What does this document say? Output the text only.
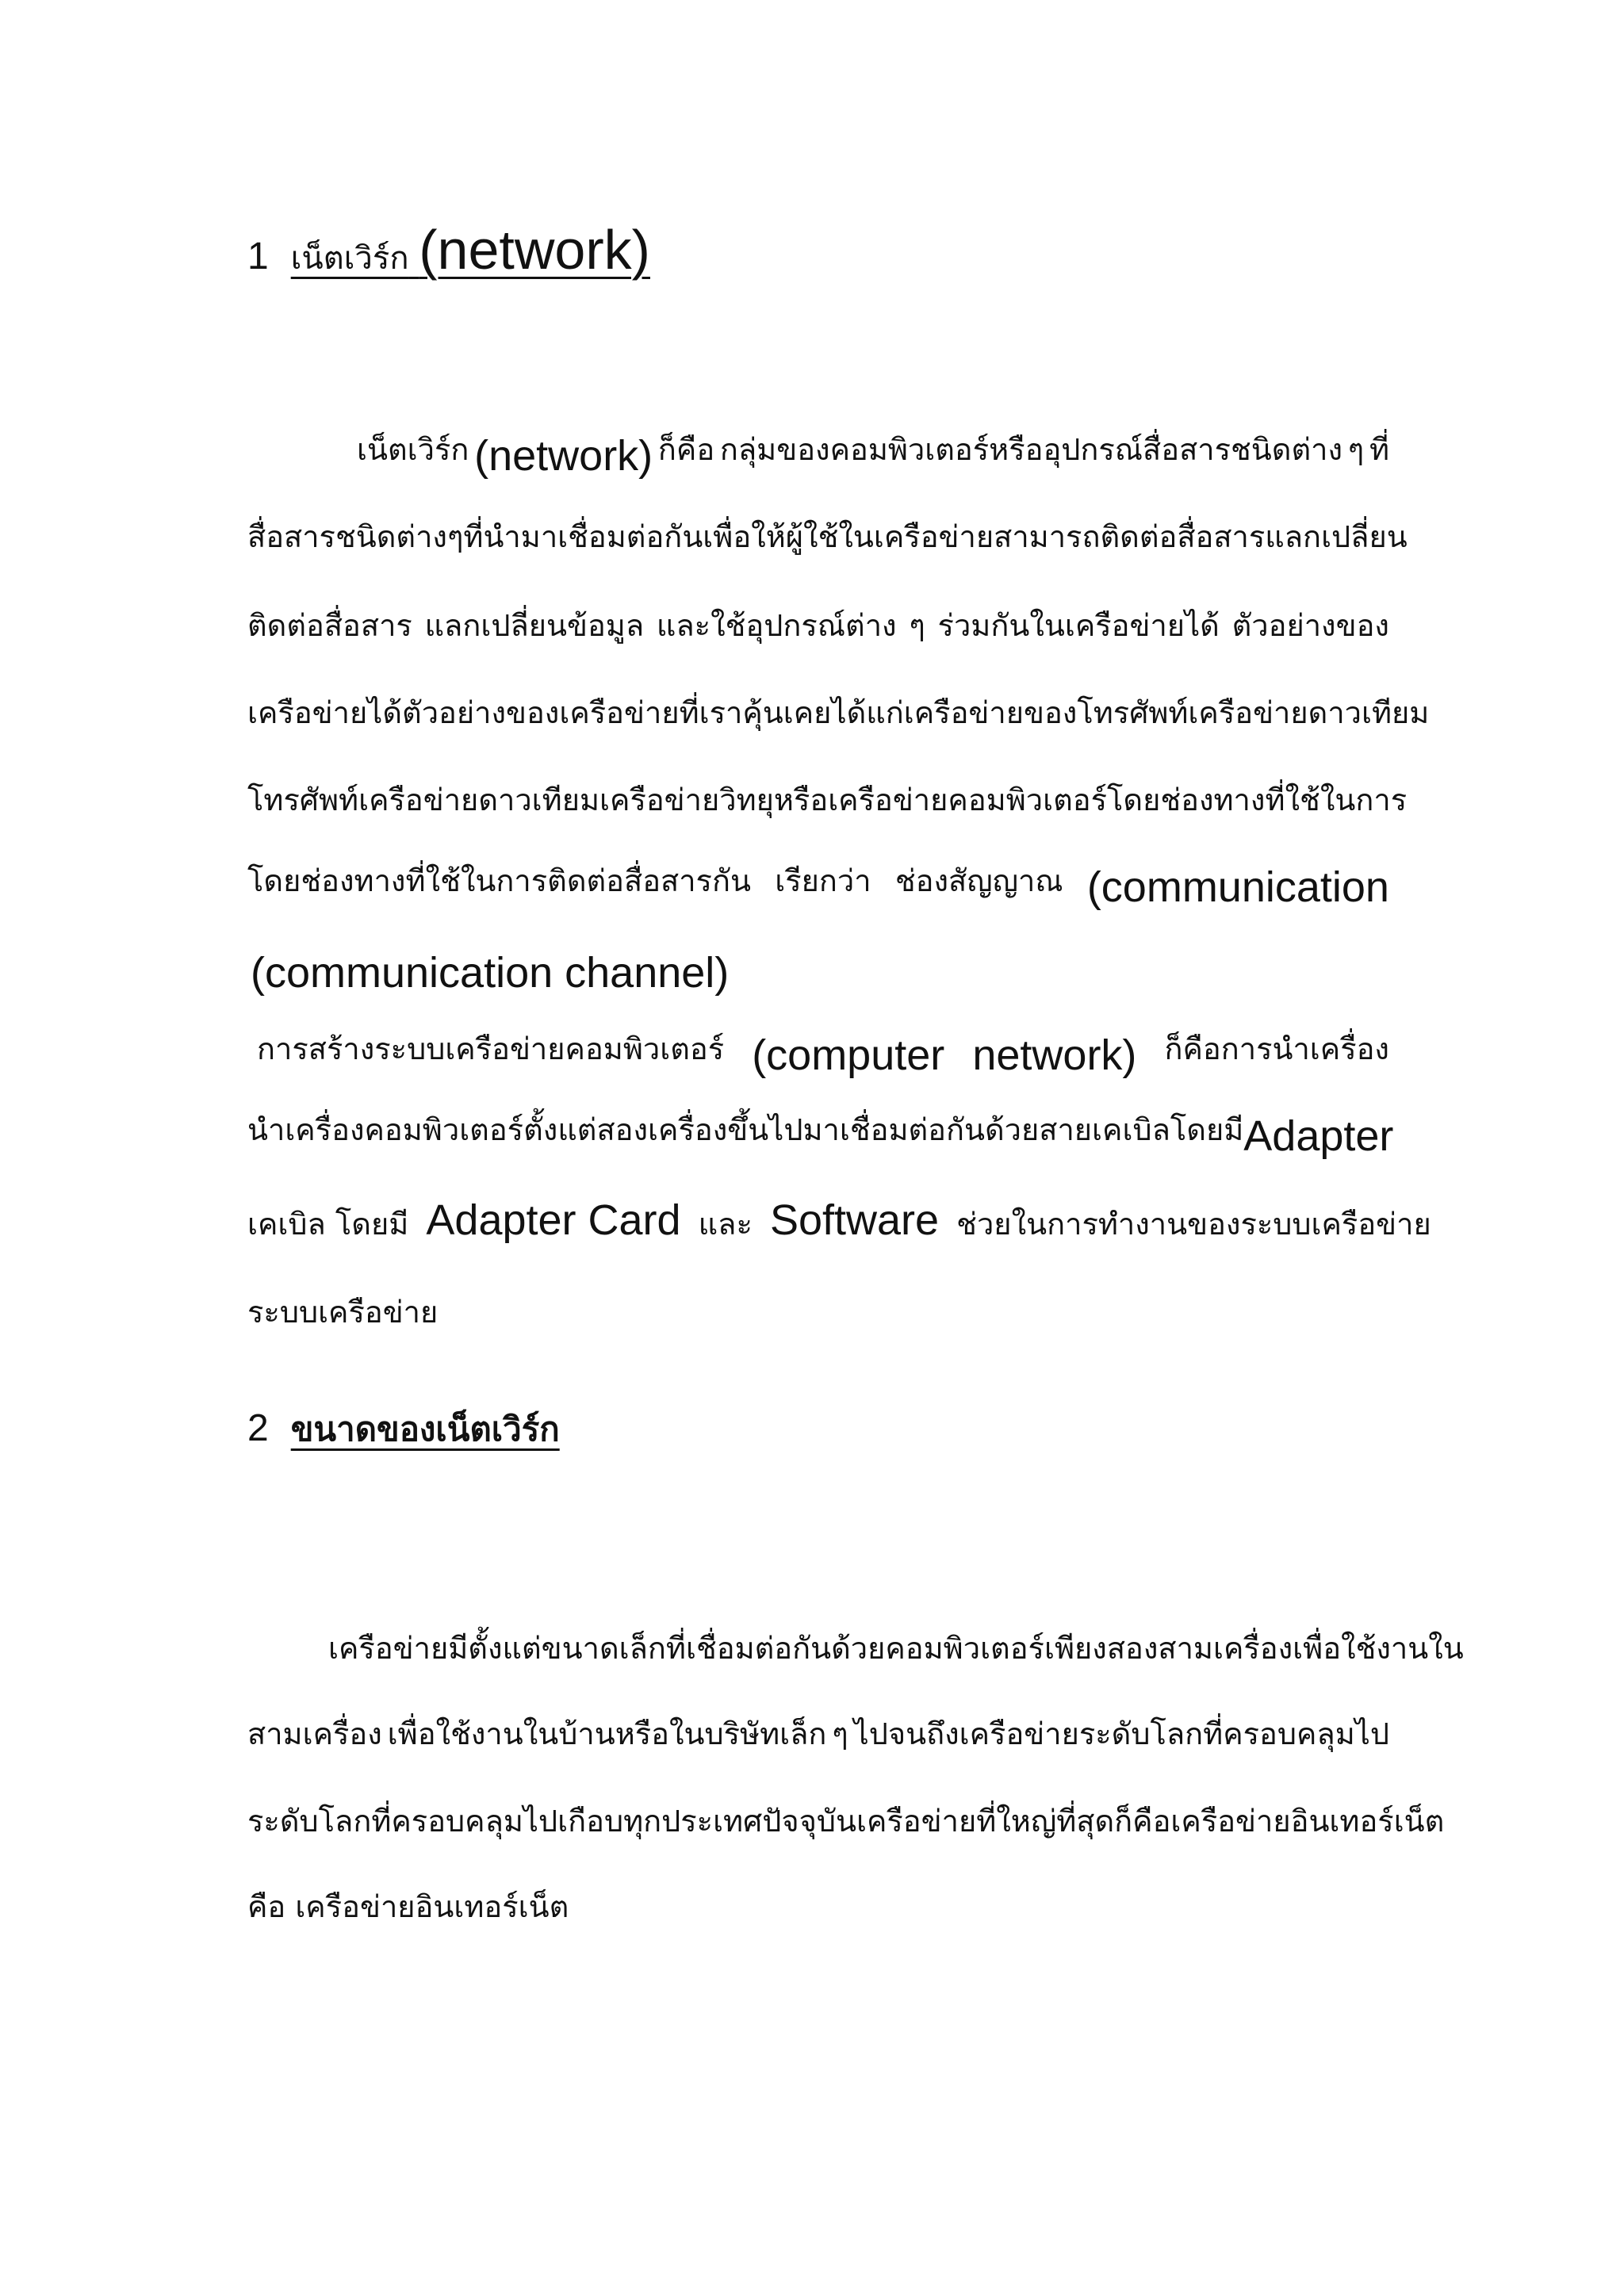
1 เน็ตเวิร์ก (network)
เน็ตเวิร์ก (network) ก็คือ กลุ่มของคอมพิวเตอร์หรืออุปกรณ์สื่อสารชนิดต่าง ๆ ที่
สื่อสารชนิดต่าง ๆ ที่นำมาเชื่อมต่อกันเพื่อให้ผู้ใช้ในเครือข่าย สามารถติดต่อสื่อสาร แลกเปลี่ยน
ติดต่อสื่อสาร แลกเปลี่ยนข้อมูล และใช้อุปกรณ์ต่าง ๆ ร่วมกันในเครือข่ายได้ ตัวอย่างของ
เครือข่ายได้ ตัวอย่างของเครือข่ายที่เราคุ้นเคย ได้แก่ เครือข่ายของโทรศัพท์ เครือข่ายดาวเทียม
โทรศัพท์ เครือข่ายดาวเทียม เครือข่ายวิทยุ หรือเครือข่ายคอมพิวเตอร์ โดยช่องทางที่ใช้ในการ
โดยช่องทางที่ใช้ในการติดต่อสื่อสารกัน เรียกว่า ช่องสัญญาณ (communication
(communication channel)
การสร้างระบบเครือข่ายคอมพิวเตอร์ (computer network) ก็คือการนำเครื่อง
นำเครื่องคอมพิวเตอร์ตั้งแต่สองเครื่องขึ้นไป มาเชื่อมต่อกันด้วยสายเคเบิล โดยมี Adapter
เคเบิล โดยมี Adapter Card และ Software ช่วยในการทำงานของระบบเครือข่าย
ระบบเครือข่าย
2 ขนาดของเน็ตเวิร์ก
เครือข่ายมีตั้งแต่ขนาดเล็กที่เชื่อมต่อกันด้วยคอมพิวเตอร์เพียงสองสามเครื่อง เพื่อใช้งานใน
สามเครื่อง เพื่อใช้งานในบ้านหรือในบริษัทเล็ก ๆ ไปจนถึงเครือข่ายระดับโลกที่ครอบคลุมไป
ระดับโลกที่ครอบคลุมไปเกือบทุกประเทศ ปัจจุบันเครือข่ายที่ใหญ่ที่สุดก็คือ เครือข่ายอินเทอร์เน็ต
คือ เครือข่ายอินเทอร์เน็ต
